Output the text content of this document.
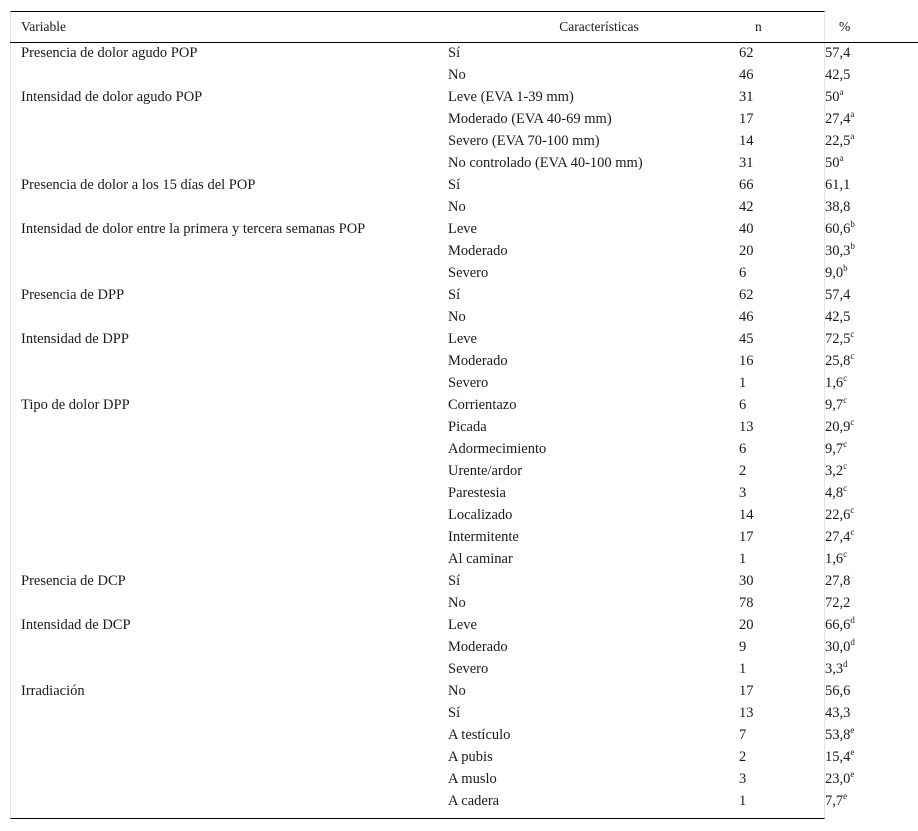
Variable	Características	n	%
Presencia de dolor agudo POP	Sí	62	57,4
	No	46	42,5
Intensidad de dolor agudo POP	Leve (EVA 1-39 mm)	31	50$^a$
	Moderado (EVA 40-69 mm)	17	27,4$^a$
	Severo (EVA 70-100 mm)	14	22,5$^a$
	No controlado (EVA 40-100 mm)	31	50$^a$
Presencia de dolor a los 15 días del POP	Sí	66	61,1
	No	42	38,8
Intensidad de dolor entre la primera y tercera semanas POP	Leve	40	60,6$^b$
	Moderado	20	30,3$^b$
	Severo	6	9,0$^b$
Presencia de DPP	Sí	62	57,4
	No	46	42,5
Intensidad de DPP	Leve	45	72,5$^c$
	Moderado	16	25,8$^c$
	Severo	1	1,6$^c$
Tipo de dolor DPP	Corrientazo	6	9,7$^c$
	Picada	13	20,9$^c$
	Adormecimiento	6	9,7$^c$
	Urente/ardor	2	3,2$^c$
	Parestesia	3	4,8$^c$
	Localizado	14	22,6$^c$
	Intermitente	17	27,4$^c$
	Al caminar	1	1,6$^c$
Presencia de DCP	Sí	30	27,8
	No	78	72,2
Intensidad de DCP	Leve	20	66,6$^d$
	Moderado	9	30,0$^d$
	Severo	1	3,3$^d$
Irradiación	No	17	56,6
	Sí	13	43,3
	A testículo	7	53,8e
	A pubis	2	15,4e
	A muslo	3	23,0e
	A cadera	1	7,7e
